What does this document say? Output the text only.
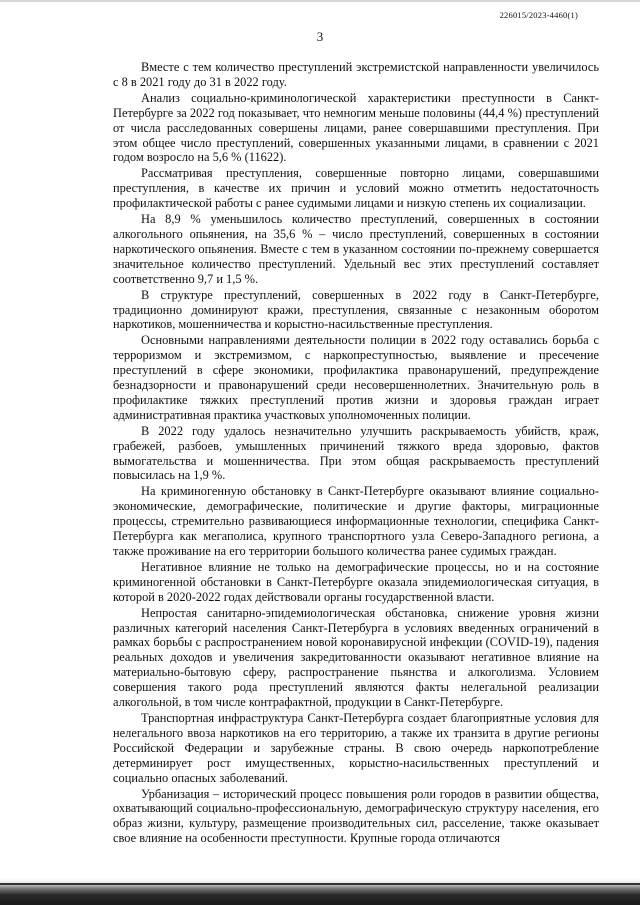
226015/2023-4460(1)
3

Вместе с тем количество преступлений экстремистской направленности увеличилось с 8 в 2021 году до 31 в 2022 году.

Анализ социально-криминологической характеристики преступности в Санкт-Петербурге за 2022 год показывает, что немногим меньше половины (44,4 %) преступлений от числа расследованных совершены лицами, ранее совершавшими преступления. При этом общее число преступлений, совершенных указанными лицами, в сравнении с 2021 годом возросло на 5,6 % (11622).

Рассматривая преступления, совершенные повторно лицами, совершавшими преступления, в качестве их причин и условий можно отметить недостаточность профилактической работы с ранее судимыми лицами и низкую степень их социализации.

На 8,9 % уменьшилось количество преступлений, совершенных в состоянии алкогольного опьянения, на 35,6 % – число преступлений, совершенных в состоянии наркотического опьянения. Вместе с тем в указанном состоянии по-прежнему совершается значительное количество преступлений. Удельный вес этих преступлений составляет соответственно 9,7 и 1,5 %.

В структуре преступлений, совершенных в 2022 году в Санкт-Петербурге, традиционно доминируют кражи, преступления, связанные с незаконным оборотом наркотиков, мошенничества и корыстно-насильственные преступления.

Основными направлениями деятельности полиции в 2022 году оставались борьба с терроризмом и экстремизмом, с наркопреступностью, выявление и пресечение преступлений в сфере экономики, профилактика правонарушений, предупреждение безнадзорности и правонарушений среди несовершеннолетних. Значительную роль в профилактике тяжких преступлений против жизни и здоровья граждан играет административная практика участковых уполномоченных полиции.

В 2022 году удалось незначительно улучшить раскрываемость убийств, краж, грабежей, разбоев, умышленных причинений тяжкого вреда здоровью, фактов вымогательства и мошенничества. При этом общая раскрываемость преступлений повысилась на 1,9 %.

На криминогенную обстановку в Санкт-Петербурге оказывают влияние социально-экономические, демографические, политические и другие факторы, миграционные процессы, стремительно развивающиеся информационные технологии, специфика Санкт-Петербурга как мегаполиса, крупного транспортного узла Северо-Западного региона, а также проживание на его территории большого количества ранее судимых граждан.

Негативное влияние не только на демографические процессы, но и на состояние криминогенной обстановки в Санкт-Петербурге оказала эпидемиологическая ситуация, в которой в 2020-2022 годах действовали органы государственной власти.

Непростая санитарно-эпидемиологическая обстановка, снижение уровня жизни различных категорий населения Санкт-Петербурга в условиях введенных ограничений в рамках борьбы с распространением новой коронавирусной инфекции (COVID-19), падения реальных доходов и увеличения закредитованности оказывают негативное влияние на материально-бытовую сферу, распространение пьянства и алкоголизма. Условием совершения такого рода преступлений являются факты нелегальной реализации алкогольной, в том числе контрафактной, продукции в Санкт-Петербурге.

Транспортная инфраструктура Санкт-Петербурга создает благоприятные условия для нелегального ввоза наркотиков на его территорию, а также их транзита в другие регионы Российской Федерации и зарубежные страны. В свою очередь наркопотребление детерминирует рост имущественных, корыстно-насильственных преступлений и социально опасных заболеваний.

Урбанизация – исторический процесс повышения роли городов в развитии общества, охватывающий социально-профессиональную, демографическую структуру населения, его образ жизни, культуру, размещение производительных сил, расселение, также оказывает свое влияние на особенности преступности. Крупные города отличаются
